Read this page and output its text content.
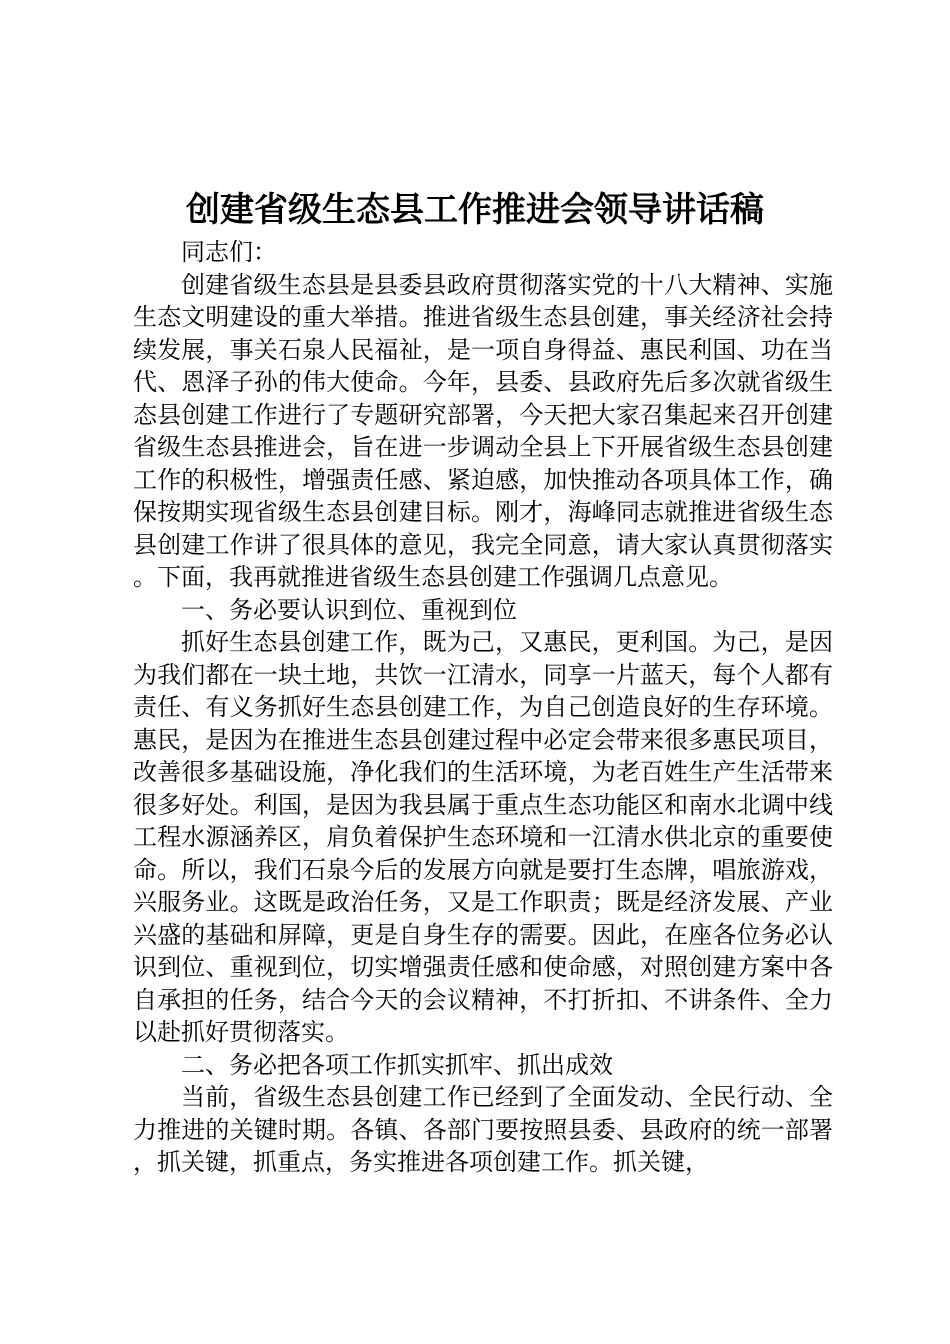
创建省级生态县工作推进会领导讲话稿

同志们：

创建省级生态县是县委县政府贯彻落实党的十八大精神、实施生态文明建设的重大举措。推进省级生态县创建，事关经济社会持续发展，事关石泉人民福祉，是一项自身得益、惠民利国、功在当代、恩泽子孙的伟大使命。今年，县委、县政府先后多次就省级生态县创建工作进行了专题研究部署，今天把大家召集起来召开创建省级生态县推进会，旨在进一步调动全县上下开展省级生态县创建工作的积极性，增强责任感、紧迫感，加快推动各项具体工作，确保按期实现省级生态县创建目标。刚才，海峰同志就推进省级生态县创建工作讲了很具体的意见，我完全同意，请大家认真贯彻落实。下面，我再就推进省级生态县创建工作强调几点意见。

一、务必要认识到位、重视到位

抓好生态县创建工作，既为己，又惠民，更利国。为己，是因为我们都在一块土地，共饮一江清水，同享一片蓝天，每个人都有责任、有义务抓好生态县创建工作，为自己创造良好的生存环境。惠民，是因为在推进生态县创建过程中必定会带来很多惠民项目，改善很多基础设施，净化我们的生活环境，为老百姓生产生活带来很多好处。利国，是因为我县属于重点生态功能区和南水北调中线工程水源涵养区，肩负着保护生态环境和一江清水供北京的重要使命。所以，我们石泉今后的发展方向就是要打生态牌，唱旅游戏，兴服务业。这既是政治任务，又是工作职责；既是经济发展、产业兴盛的基础和屏障，更是自身生存的需要。因此，在座各位务必认识到位、重视到位，切实增强责任感和使命感，对照创建方案中各自承担的任务，结合今天的会议精神，不打折扣、不讲条件、全力以赴抓好贯彻落实。

二、务必把各项工作抓实抓牢、抓出成效

当前，省级生态县创建工作已经到了全面发动、全民行动、全力推进的关键时期。各镇、各部门要按照县委、县政府的统一部署，抓关键，抓重点，务实推进各项创建工作。抓关键，
